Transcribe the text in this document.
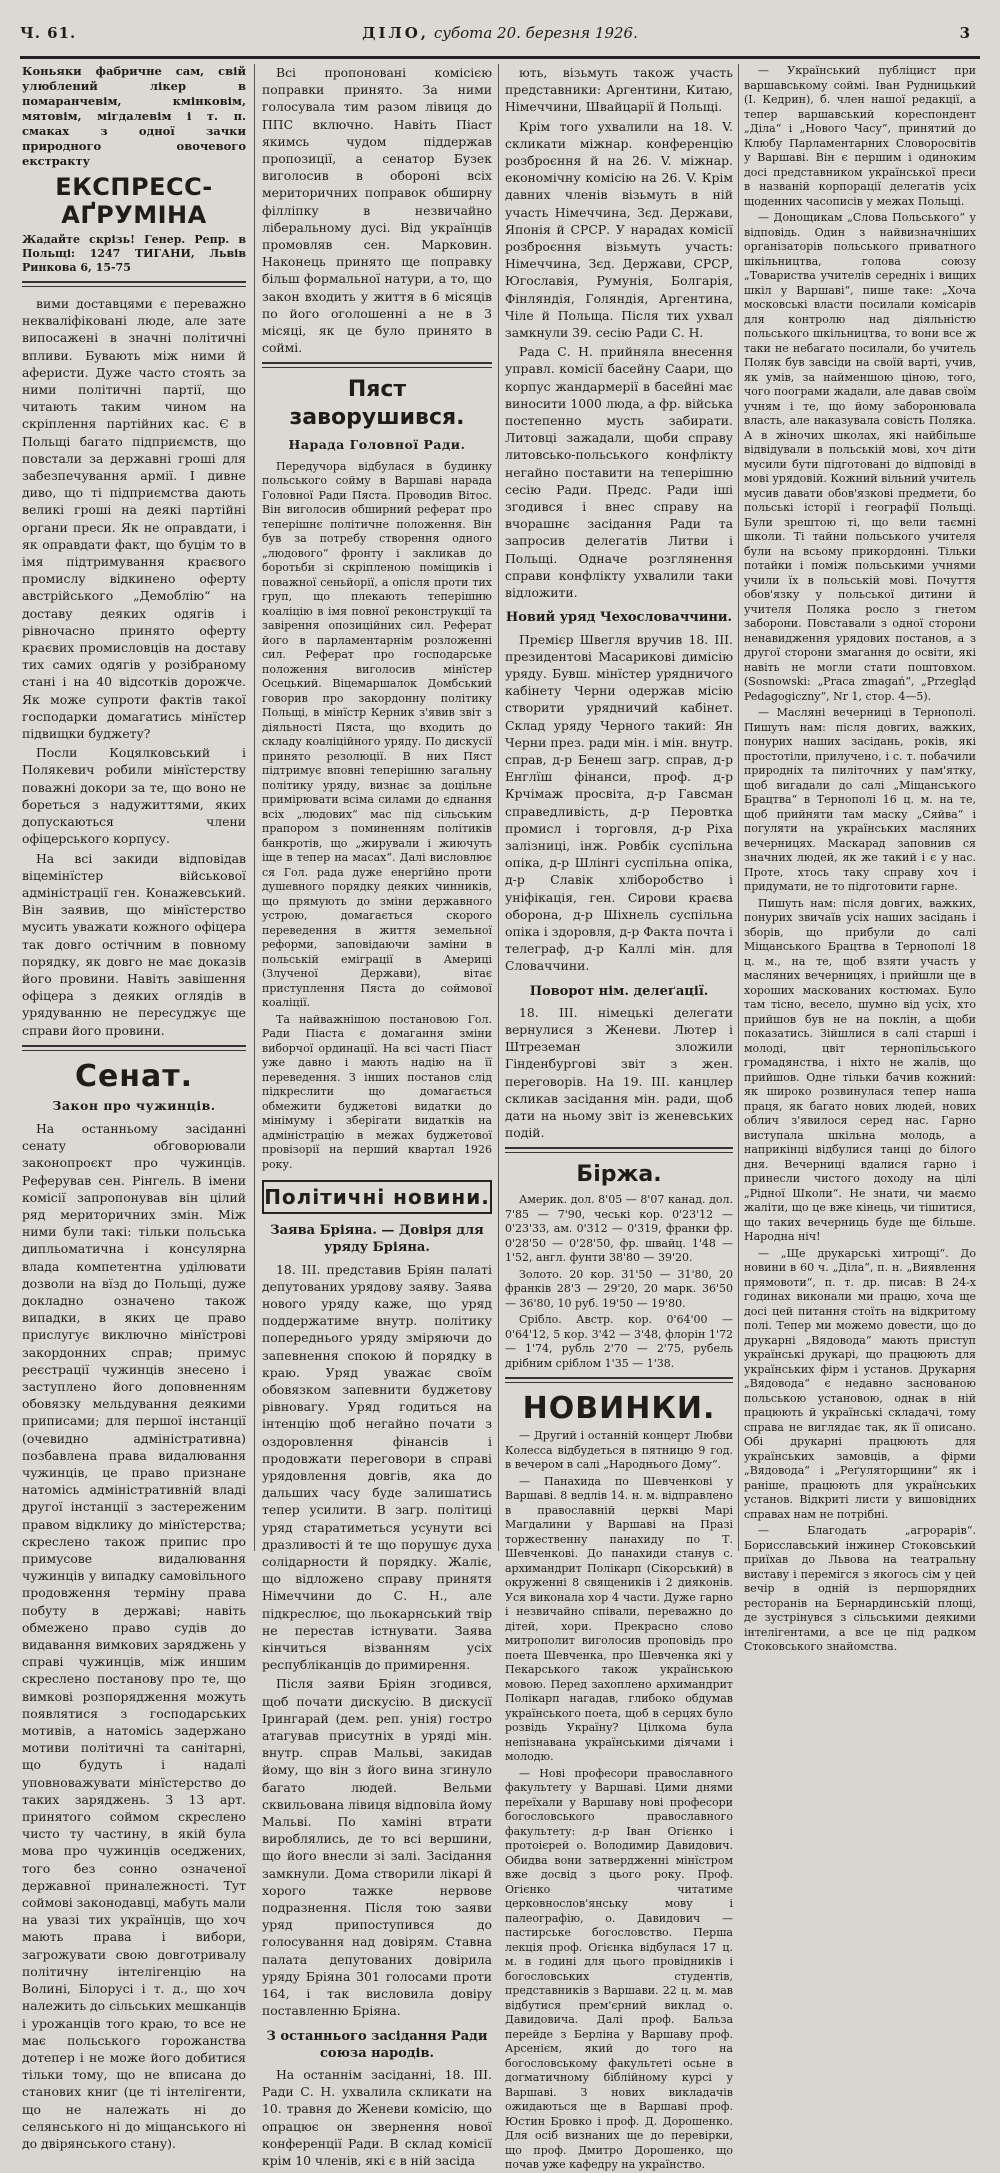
Ч. 61.	ДІЛО, субота 20. березня 1926.	3

Коньяки фабричне сам, свій улюблений лікер в помаранчевім, кмінковім, мятовім, мігдалевім і т. п. смаках з одної зачки природного овочевого екстракту

ЕКСПРЕСС-АҐРУМІНА

Жадайте скрізь! Генер. Репр. в Польщі: 1247 ТИГАНИ, Львів Ринкова 6, 15-75

вими доставцями є переважно некваліфіковані люде, але зате випосажені в значні політичні впливи. Бувають між ними й афериcти. Дуже часто стоять за ними політичні партії, що читають таким чином на скріплення партійних кас. Є в Польщі багато підприємств, що повстали за державні гроші для забезпечування армії. І дивне диво, що ті підприємства дають великі гроші на деякі партійні органи преси. Як не оправдати, і як оправдати факт, що буцім то в імя підтримування краєвого промислу відкинено оферту австрійського „Демоблію“ на доставу деяких одягів і рівночасно принято оферту краєвих промисловців на доставу тих самих одягів у розібраному стані і на 40 відсотків дорожче. Як може супроти фактів такої господарки домагатись мінїстер підвищки буджету?

Посли Коцялковський і Полякевич робили мінїстерству поважні докори за те, що воно не бореться з надужиттями, яких допускаються члени офіцерського корпусу.

На всі закиди відповідав віцемінїстер військової адміністрації ген. Конажевський. Він заявив, що мінїстерство мусить уважати кожного офіцера так довго остічним в повному порядку, як довго не має доказів його провини. Навіть завішення офіцера з деяких оглядів в урядуванню не пересуджує ще справи його провини.

Сенат.
Закон про чужинців.

На останньому засіданні сенату обговорювали законопроєкт про чужинців. Реферував сен. Рінгель. В імени комісії запропонував він цілий ряд мериторичних змін. Між ними були такі: тільки польська дипльоматична і консулярна влада компетентна уділювати дозволи на вїзд до Польщі, дуже докладно означено також випадки, в яких це право прислугує виключно мінїстрові закордонних справ; примус реєстрації чужинців знесено і заступлено його доповненням обовязку мельдування деякими приписами; для першої інстанції (очевидно адміністративна) позбавлена права видалювання чужинців, це право признане натомісь адміністративній владі другої інстанції з застереженим правом відкликy до мінїстерства; скреслено також припис про примусове видалювання чужинців у випадку самовільного продовження терміну права побуту в державі; навіть обмежено право судів до видавання вимкових заряджень у справі чужинців, між иншим скреслено постанову про те, що вимкові розпорядження можуть появлятися з господарських мотивів, а натомісь задержано мотиви політичні та санітарні, що будуть і надалі уповноважувати мінїстерство до таких заряджень. З 13 арт. принятого соймом скреслено чисто ту частину, в якій була мова про чужинців оседжених, того без сонно означеної державної приналежності. Тут соймові законодавці, мабуть мали на увазі тих українців, що хоч мають права і вибори, загрожувати свою довготривалу політичну інтелігенцію на Волині, Білорусі і т. д., що хоч належить до сільських мешканців і урожанців того краю, то все не має польського горожанства дотепер і не може його добитися тільки тому, що не вписана до станових книг (це ті інтелігенти, що не належать ні до селянського ні до міщанського ні до двірянського стану).

Всі пропоновані комісією поправки принято. За ними голосувала тим разом лівиця до ППС включно. Навіть Піаст якимсь чудом піддержав пропозиції, а сенатор Бузек виголосив в обороні всіх мериторичних поправок обширну філліпку в незвичайно ліберальному дусі. Від українців промовляв сен. Марковин. Наконець принято ще поправку більш формальної натури, а то, що закон входить у життя в 6 місяців по його оголошенні а не в 3 місяці, як це було принято в соймі.

Пяст заворушився.
Нарада Головної Ради.

Передучора відбулася в будинку польського сойму в Варшаві нарада Головної Ради Пяста. Проводив Вітос. Він виголосив обширний реферат про теперішнє політичне положення. Він був за потребу створення одного „людового“ фронту і закликав до боротьби зі скріпленою поміщиків і поважної сеньйорії, а опісля проти тих груп, що плекають теперішню коаліцію в імя повної реконструкції та завірення опозиційних сил. Реферат його в парламентарнім розложенні сил. Реферат про господарське положення виголосив мінїстер Осецький. Віцемаршалок Домбський говорив про закордонну політику Польщі, в мінїстр Керник з'явив звіт з діяльності Пяста, що входить до складу коаліційного уряду. По дискусії принято резолюції. В них Пяст підтримує вповні теперішню загальну політику уряду, визнає за доцільне примірювати всіма силами до єднання всіх „людових“ мас під сільським прапором з поминенням політиків банкротів, що „жирували і жиючуть іще в тепер на масах“. Далі висловлює ся Гол. рада дуже енергійно проти душевного порядку деяких чинників, що прямують до зміни державного устрою, домагається скорого переведення в життя земельної реформи, заповідаючи заміни в польській еміграції в Америці (Злученої Держави), вітає приступлення Пяста до соймової коаліції.

Та найважнішою постановою Гол. Ради Піаста є домагання зміни виборчої ординації. На всі часті Піаст уже давно і мають надію на її переведення. З інших постанов слід підкреслити що домагається обмежити буджетові видатки до мінімуму і зберігати видатків на адміністрацію в межах буджетової провізорії на перший квартал 1926 року.

Політичні новини.
Заява Бріяна. — Довіря для уряду Бріяна.

18. III. представив Бріян палаті депутованих урядову заяву. Заява нового уряду каже, що уряд поддержатиме внутр. політику попереднього уряду зміряючи до запевнення спокою й порядку в краю. Уряд уважає своїм обовязком запевнити буджетову рівновагу. Уряд годиться на інтенцію щоб негайно почати з оздоровлення фінансів і продовжати переговори в справі урядовлення довгів, яка до дальших часу буде залишатись тепер усилити. В загр. політиці уряд старатиметься усунути всі дразливості й те що порушує духа солідарности й порядку. Жаліє, що відложено справу принятя Німеччини до С. Н., але підкреслює, що льокарнський твір не перестав істнувати. Заява кінчиться візванням усіх республіканців до примирення.

Після заяви Бріян згодився, щоб почати дискусію. В дискусії Ірингарай (дем. реп. унія) гостро атагував присутніх в уряді мін. внутр. справ Мальві, закидав йому, що він з його вина згинуло багато людей. Вельми сквильована лівиця відповіла йому Мальві. По хаміні втрати вироблялись, де то всі вершини, що його внесли зі залі. Засідання замкнули. Дома створили лікарі й хорого тажке нервове подразнення. Після тою заяви уряд припоступився до голосування над довірям. Ставна палата депутованих довірила уряду Бріяна 301 голосами проти 164, і так висловила довіру поставленню Бріяна.

З останнього засідання Ради союза народів.

На останнім засіданні, 18. III. Ради С. Н. ухвалила скликати на 10. травня до Женеви комісію, що опрацює он звернення нової конференції Ради. В склад комісії крім 10 членів, які є в ній засіда

ють, візьмуть також участь представники: Аргентини, Китаю, Німеччини, Швайцарії й Польщі.

Крім того ухвалили на 18. V. скликати міжнар. конференцію розброєння й на 26. V. міжнар. економічну комісію на 26. V. Крім давних членів візьмуть в ній участь Німеччина, Зєд. Держави, Японія й СРСР. У нарадах комісії розброєння візьмуть участь: Німеччина, Зєд. Держави, СРСР, Югославія, Румунія, Болгарія, Фінляндія, Голяндія, Аргентина, Чіле й Польща. Після тих ухвал замкнули 39. сесію Ради С. Н.

Рада С. Н. прийняла внесення управл. комісії басейну Саари, що корпус жандармерії в басейні має виносити 1000 люда, а фр. війська постепенно мусть забирати. Литовці зажадали, щоби справу литовсько-польського конфлікту негайно поставити на теперішню сесію Ради. Предс. Ради іші згодився і внес справу на вчорашнє засідання Ради та запросив делегатів Литви і Польщі. Одначе розглянення справи конфлікту ухвалили таки відложити.

Новий уряд Чехословаччини.

Премієр Швегля вручив 18. III. президентові Масарикові димісію уряду. Бувш. мінїстер урядничого кабінету Черни одержав місію створити урядничий кабінет. Склад уряду Черного такий: Ян Черни през. ради мін. і мін. внутр. справ, д-р Бенеш загр. справ, д-р Енглїш фінанси, проф. д-р Крчімаж просвіта, д-р Гавсман справедливість, д-р Перовтка промисл і торговля, д-р Ріха залізниці, інж. Ровбік суспільна опіка, д-р Шлінгі суспільна опіка, д-р Славік хліборобство і уніфікація, ген. Сирови краєва оборона, д-р Шіхнель суспільна опіка і здоровля, д-р Факта почта і телеграф, д-р Каллі мін. для Словаччини.

Поворот нім. делеґації.

18. III. німецькі делегати вернулися з Женеви. Лютер і Штреземан зложили Гінденбургові звіт з жен. переговорів. На 19. III. канцлер скликав засідання мін. ради, щоб дати на ньому звіт із женевських подій.

Біржа.

Америк. дол. 8'05 — 8'07 канад. дол. 7'85 — 7'90, чеські кор. 0'23'12 — 0'23'33, ам. 0'312 — 0'319, франки фр. 0'28'50 — 0'28'50, фр. швайц. 1'48 — 1'52, англ. фунти 38'80 — 39'20.

Золото. 20 кор. 31'50 — 31'80, 20 франків 28'3 — 29'20, 20 марк. 36'50 — 36'80, 10 руб. 19'50 — 19'80.

Срібло. Австр. кор. 0'64'00 — 0'64'12, 5 кор. 3'42 — 3'48, флорін 1'72 — 1'74, рубль 2'70 — 2'75, рубель дрібним сріблом 1'35 — 1'38.

НОВИНКИ.

— Другий і останній концерт Любви Колесса відбудеться в пятницю 9 год. в вечером в салі „Народнього Дому“.

— Панахида по Шевченкові у Варшаві. 8 ведлів 14. н. м. відправлено в православній церкві Марі Магдалини у Варшаві на Празі торжественну панахиду по Т. Шевченкові. До панахиди станув с. архимандрит Полікарп (Сікорський) в окруженні 8 священиків і 2 дияконів. Уся виконала хор 4 части. Дуже гарно і незвичайно співали, переважно до дітей, хори. Прекрасно слово митрополит виголосив проповідь про поета Шевченка, про Шевченка які у Пекарського також українською мовою. Перед захоплено архимандрит Полікарп нагадав, глибоко обдумав українського поета, щоб в серцях було розвідь Україну? Цілкома була непізнавана українськими діячами і молодю.

— Нові професори православного факультету у Варшаві. Цими днями переїхали у Варшаву нові професори богословського православного факультету: д-р Іван Огієнко і протоієрей о. Володимир Давидович. Обидва вони затвердженні мінїстром вже досвід з цього року. Проф. Огієнко читатиме церковнослов'янську мову і палеографію, о. Давидович — пастирське богословство. Перша лекція проф. Огієнка відбулася 17 ц. м. в годині для цього провідників і богословських студентів, представників з Варшави. 22 ц. м. мав відбутися прем'єрний виклад о. Давидовича. Далі проф. Бальза перейде з Берліна у Варшаву проф. Арсенієм, який до того на богословському факультеті осьне в догматичному біблійному курсі у Варшаві. З нових викладачів ожидаються ще в Варшаві проф. Юстин Бровко і проф. Д. Дорошенко. Для осіб визнаних ще до перевірки, що проф. Дмитро Дорошенко, що почав уже кафедру на українство.

— Український публіцист при варшавському соймі. Іван Рудницький (І. Кедрин), б. член нашої редакції, а тепер варшавський кореспондент „Діла“ і „Нового Часу“, принятий до Клюбу Парламентарних Словоросвітів у Варшаві. Він є першим і одиноким досі представником української преси в названій корпорації делегатів усіх щоденних часописів у межах Польщі.

— Донощикам „Слова Польського“ у відповідь. Один з найвизначніших організаторів польського приватного шкільництва, голова союзу „Товариства учителів середніх і вищих шкіл у Варшаві“, пише таке: „Хоча московські власти посилали комісарів для контролю над діяльністю польського шкільництва, то вони все ж таки не небагато посилали, бо учитель Поляк був завсіди на своїй варті, учив, як умів, за найменшою ціною, того, чого поограми жадали, але давав своїм учням і те, що йому заборонювала власть, але наказувала совість Поляка. А в жіночих школах, які найбільше відвідували в польській мові, хоч діти мусили бути підготовані до відповіді в мові урядовій. Кожний вільний учитель мусив давати обов'язкові предмети, бо польські історії і географії Польщі. Були зрештою ті, що вели таємні школи. Ті тайни польського учителя були на всьому прикордонні. Тільки потайки і поміж польськими учнями учили їх в польській мові. Почуття обов'язку у польської дитини й учителя Поляка росло з гнетом заборони. Повставали з одної сторони ненавидження урядових постанов, а з другої сторони змагання до освіти, які навіть не могли стати поштовхом. (Sosnowski: „Praca zmagań“, „Przegląd Pedagogiczny“, Nr 1, стор. 4—5).

— Масляні вечерниці в Тернополі. Пишуть нам: після довгих, важких, понурих наших засідань, років, які простотіли, прилучено, і с. т. побачили природніх та пиліточних у пам'ятку, щоб вигадали до салі „Міщанського Брацтва“ в Тернополі 16 ц. м. на те, щоб прийняти там маску „Сяйва“ і погуляти на українських масляних вечерницях. Маскарад заповнив ся значних людей, як же такий і є у нас. Проте, хтось таку справу хоч і придумати, не то підготовити гарне.

Пишуть нам: після довгих, важких, понурих звичаїв усіх наших засідань і зборів, що прибули до салі Міщанського Брацтва в Тернополі 18 ц. м., на те, щоб взяти участь у масляних вечерницях, і прийшли ще в хороших маскованих костюмах. Було там тісно, весело, шумно від усіх, хто прийшов був не на поклін, а щоби показатись. Зійшлися в салі старші і молоді, цвіт тернопільського громадянства, і ніхто не жалів, що прийшов. Одне тільки бачив кожний: як широко розвинулася тепер наша праця, як багато нових людей, нових облич з'явилося серед нас. Гарно виступала шкільна молодь, а наприкінці відбулися танці до білого дня. Вечерниці вдалися гарно і принесли чистого доходу на цілі „Рідної Школи“. Не знати, чи маємо жаліти, що це вже кінець, чи тішитися, що таких вечерниць буде ще більше. Народна ніч!

— „Ще друкарські хитрощі“. До новини в 60 ч. „Діла“, п. н. „Виявлення прямовоти“, п. т. др. писав: В 24-х годинах виконали ми працю, хоча ще досі цей питання стоїть на відкритому полі. Тепер ми можемо довести, що до друкарні „Вядовода“ мають приступ українські друкарі, що працюють для українських фірм і установ. Друкарня „Вядовода“ є недавно заснованою польською установою, однак в ній працюють й українські складачі, тому справа не виглядає так, як її описано. Обі друкарні працюють для українських замовців, а фірми „Вядовода“ і „Реґуляторщини“ як і раніше, працюють для українських установ. Відкриті листи у вишовідних справах нам не потрібні.

— Благодать „агрорарів“. Борисславський інжинер Стоковський приїхав до Львова на театральну виставу і перемігся з якогось сім у цей вечір в одній із першорядних ресторанів на Бернардинській площі, де зустрінувся з сільськими деякими інтелігентами, а все це під радком Стоковського знайомства.
